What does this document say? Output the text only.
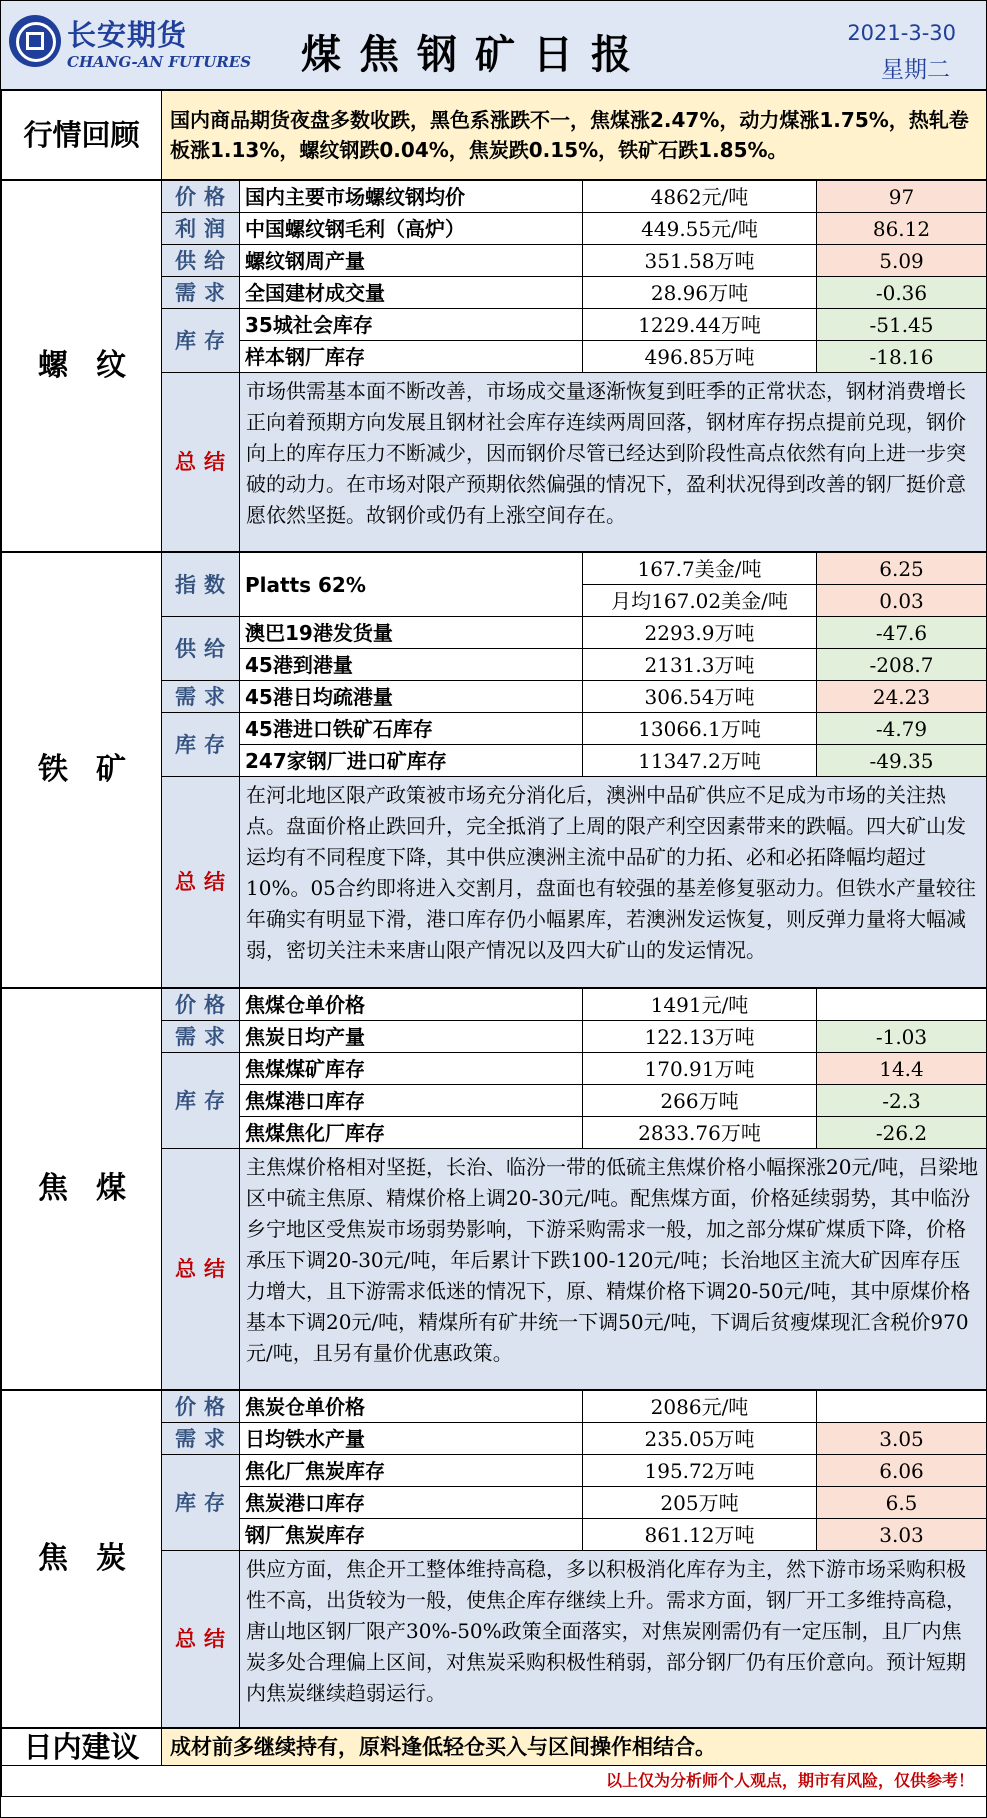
长安期货
CHANG-AN FUTURES 煤焦钢矿日报	2021-3-30
星期二
行情回顾	国内商品期货夜盘多数收跌，黑色系涨跌不一，焦煤涨2.47%，动力煤涨1.75%，热轧卷板涨1.13%，螺纹钢跌0.04%，焦炭跌0.15%，铁矿石跌1.85%。
螺纹	价格	国内主要市场螺纹钢均价	4862元/吨	97
	利润	中国螺纹钢毛利（高炉）	449.55元/吨	86.12
	供给	螺纹钢周产量	351.58万吨	5.09
	需求	全国建材成交量	28.96万吨	-0.36
	库存	35城社会库存	1229.44万吨	-51.45
		样本钢厂库存	496.85万吨	-18.16
	总结	市场供需基本面不断改善，市场成交量逐渐恢复到旺季的正常状态，钢材消费增长正向着预期方向发展且钢材社会库存连续两周回落，钢材库存拐点提前兑现，钢价向上的库存压力不断减少，因而钢价尽管已经达到阶段性高点依然有向上进一步突破的动力。在市场对限产预期依然偏强的情况下，盈利状况得到改善的钢厂挺价意愿依然坚挺。故钢价或仍有上涨空间存在。		
铁矿	指数	Platts 62%	167.7美金/吨	6.25
			月均167.02美金/吨	0.03
	供给	澳巴19港发货量	2293.9万吨	-47.6
		45港到港量	2131.3万吨	-208.7
	需求	45港日均疏港量	306.54万吨	24.23
	库存	45港进口铁矿石库存	13066.1万吨	-4.79
		247家钢厂进口矿库存	11347.2万吨	-49.35
	总结	在河北地区限产政策被市场充分消化后，澳洲中品矿供应不足成为市场的关注热点。盘面价格止跌回升，完全抵消了上周的限产利空因素带来的跌幅。四大矿山发运均有不同程度下降，其中供应澳洲主流中品矿的力拓、必和必拓降幅均超过10%。05合约即将进入交割月，盘面也有较强的基差修复驱动力。但铁水产量较往年确实有明显下滑，港口库存仍小幅累库，若澳洲发运恢复，则反弹力量将大幅减弱，密切关注未来唐山限产情况以及四大矿山的发运情况。		
焦煤	价格	焦煤仓单价格	1491元/吨	
	需求	焦炭日均产量	122.13万吨	-1.03
	库存	焦煤煤矿库存	170.91万吨	14.4
		焦煤港口库存	266万吨	-2.3
		焦煤焦化厂库存	2833.76万吨	-26.2
	总结	主焦煤价格相对坚挺，长治、临汾一带的低硫主焦煤价格小幅探涨20元/吨，吕梁地区中硫主焦原、精煤价格上调20-30元/吨。配焦煤方面，价格延续弱势，其中临汾乡宁地区受焦炭市场弱势影响，下游采购需求一般，加之部分煤矿煤质下降，价格承压下调20-30元/吨，年后累计下跌100-120元/吨；长治地区主流大矿因库存压力增大，且下游需求低迷的情况下，原、精煤价格下调20-50元/吨，其中原煤价格基本下调20元/吨，精煤所有矿井统一下调50元/吨，下调后贫瘦煤现汇含税价970元/吨，且另有量价优惠政策。		
焦炭	价格	焦炭仓单价格	2086元/吨	
	需求	日均铁水产量	235.05万吨	3.05
	库存	焦化厂焦炭库存	195.72万吨	6.06
		焦炭港口库存	205万吨	6.5
		钢厂焦炭库存	861.12万吨	3.03
	总结	供应方面，焦企开工整体维持高稳，多以积极消化库存为主，然下游市场采购积极性不高，出货较为一般，使焦企库存继续上升。需求方面，钢厂开工多维持高稳，唐山地区钢厂限产30%-50%政策全面落实，对焦炭刚需仍有一定压制，且厂内焦炭多处合理偏上区间，对焦炭采购积极性稍弱，部分钢厂仍有压价意向。预计短期内焦炭继续趋弱运行。		
日内建议	成材前多继续持有，原料逢低轻仓买入与区间操作相结合。
以上仅为分析师个人观点，期市有风险，仅供参考！
